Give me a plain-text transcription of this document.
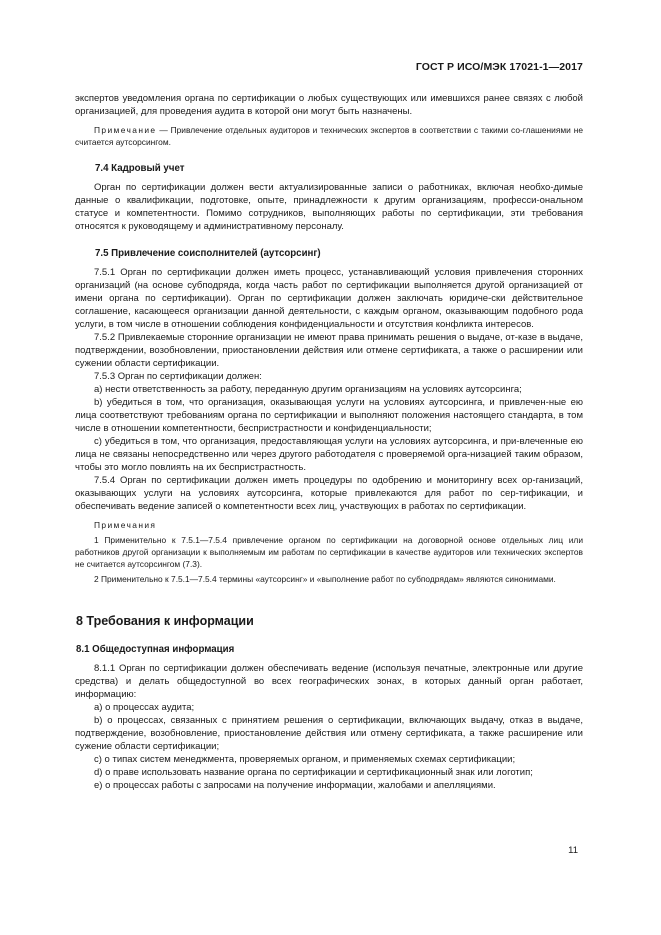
ГОСТ Р ИСО/МЭК 17021-1—2017

экспертов уведомления органа по сертификации о любых существующих или имевшихся ранее связях с любой организацией, для проведения аудита в которой они могут быть назначены.

Примечание — Привлечение отдельных аудиторов и технических экспертов в соответствии с такими со-глашениями не считается аутсорсингом.

7.4 Кадровый учет

Орган по сертификации должен вести актуализированные записи о работниках, включая необхо-димые данные о квалификации, подготовке, опыте, принадлежности к другим организациям, професси-ональном статусе и компетентности. Помимо сотрудников, выполняющих работы по сертификации, эти требования относятся к руководящему и административному персоналу.

7.5 Привлечение соисполнителей (аутсорсинг)

7.5.1 Орган по сертификации должен иметь процесс, устанавливающий условия привлечения сторонних организаций (на основе субподряда, когда часть работ по сертификации выполняется другой организацией от имени органа по сертификации). Орган по сертификации должен заключать юридиче-ски действительное соглашение, касающееся организации данной деятельности, с каждым органом, оказывающим подобного рода услуги, в том числе в отношении соблюдения конфиденциальности и отсутствия конфликта интересов.

7.5.2 Привлекаемые сторонние организации не имеют права принимать решения о выдаче, от-казе в выдаче, подтверждении, возобновлении, приостановлении действия или отмене сертификата, а также о расширении или сужении области сертификации.

7.5.3 Орган по сертификации должен:

a) нести ответственность за работу, переданную другим организациям на условиях аутсорсинга;

b) убедиться в том, что организация, оказывающая услуги на условиях аутсорсинга, и привлечен-ные ею лица соответствуют требованиям органа по сертификации и выполняют положения настоящего стандарта, в том числе в отношении компетентности, беспристрастности и конфиденциальности;

c) убедиться в том, что организация, предоставляющая услуги на условиях аутсорсинга, и при-влеченные ею лица не связаны непосредственно или через другого работодателя с проверяемой орга-низацией таким образом, чтобы это могло повлиять на их беспристрастность.

7.5.4 Орган по сертификации должен иметь процедуры по одобрению и мониторингу всех ор-ганизаций, оказывающих услуги на условиях аутсорсинга, которые привлекаются для работ по сер-тификации, и обеспечивать ведение записей о компетентности всех лиц, участвующих в работах по сертификации.

Примечания

1 Применительно к 7.5.1—7.5.4 привлечение органом по сертификации на договорной основе отдельных лиц или работников другой организации к выполняемым им работам по сертификации в качестве аудиторов или технических экспертов не считается аутсорсингом (7.3).

2 Применительно к 7.5.1—7.5.4 термины «аутсорсинг» и «выполнение работ по субподрядам» являются синонимами.

8 Требования к информации
8.1 Общедоступная информация

8.1.1 Орган по сертификации должен обеспечивать ведение (используя печатные, электронные или другие средства) и делать общедоступной во всех географических зонах, в которых данный орган работает, информацию:

a) о процессах аудита;

b) о процессах, связанных с принятием решения о сертификации, включающих выдачу, отказ в выдаче, подтверждение, возобновление, приостановление действия или отмену сертификата, а также расширение или сужение области сертификации;

c) о типах систем менеджмента, проверяемых органом, и применяемых схемах сертификации;

d) о праве использовать название органа по сертификации и сертификационный знак или логотип;

e) о процессах работы с запросами на получение информации, жалобами и апелляциями.

11
